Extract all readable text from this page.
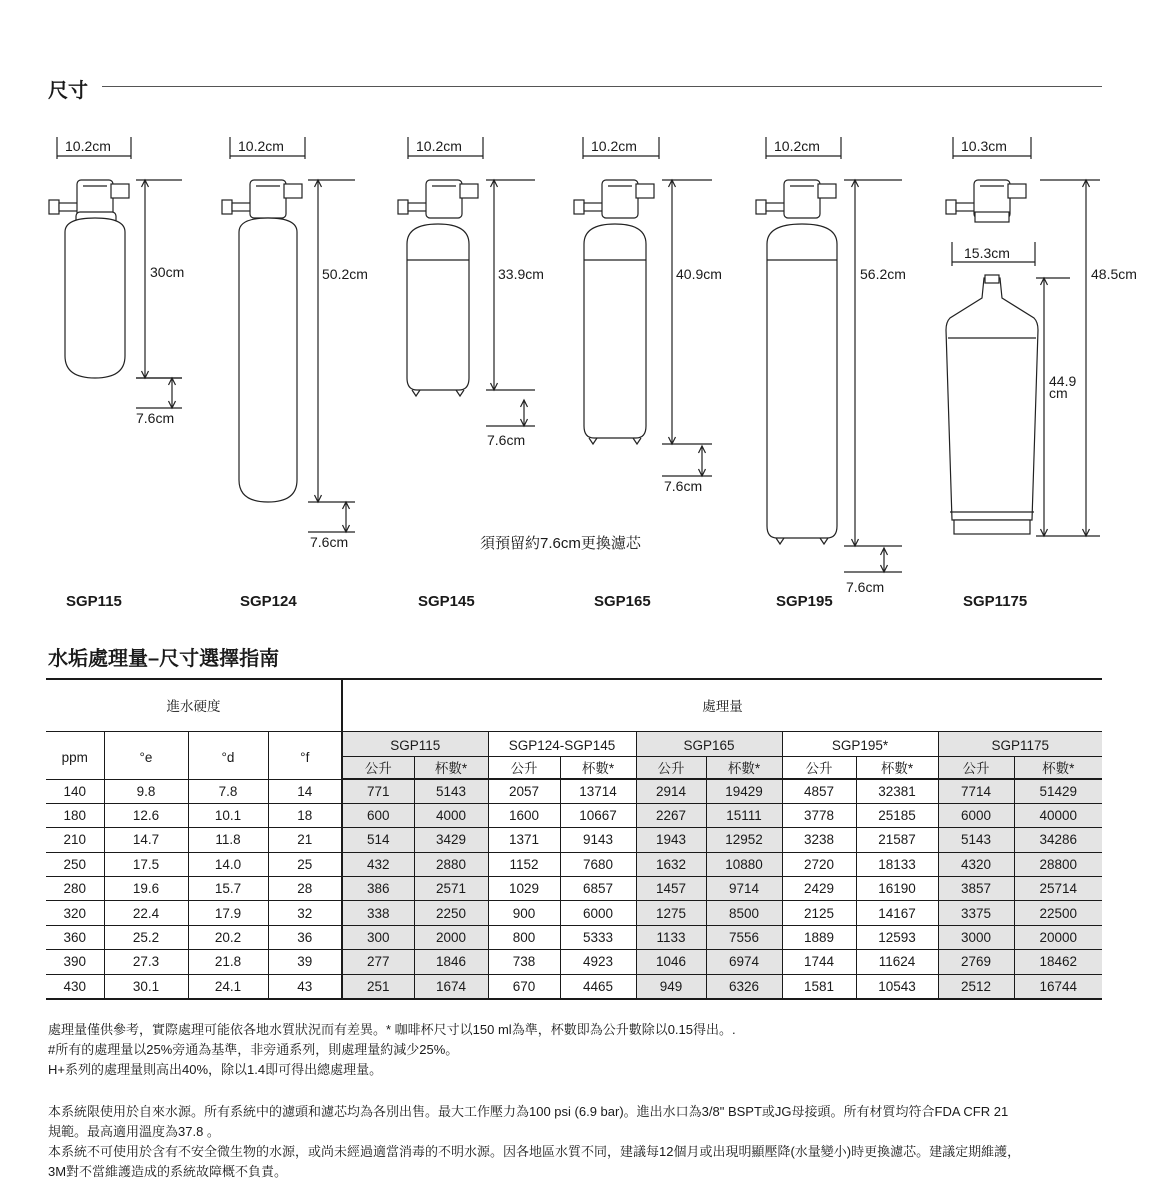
尺寸
10.2cm
30cm
7.6cm
SGP115
10.2cm
50.2cm
7.6cm
SGP124
10.2cm
33.9cm
7.6cm
SGP145
10.2cm
40.9cm
7.6cm
SGP165
須預留約7.6cm更換濾芯
10.2cm
56.2cm
7.6cm
SGP195
10.3cm
15.3cm
44.9
cm
48.5cm
SGP1175
水垢處理量–尺寸選擇指南
進水硬度				處理量									
ppm	°e	°d	°f	SGP115		SGP124-SGP145		SGP165		SGP195*		SGP1175	
				公升	杯數*	公升	杯數*	公升	杯數*	公升	杯數*	公升	杯數*
140	9.8	7.8	14	771	5143	2057	13714	2914	19429	4857	32381	7714	51429
180	12.6	10.1	18	600	4000	1600	10667	2267	15111	3778	25185	6000	40000
210	14.7	11.8	21	514	3429	1371	9143	1943	12952	3238	21587	5143	34286
250	17.5	14.0	25	432	2880	1152	7680	1632	10880	2720	18133	4320	28800
280	19.6	15.7	28	386	2571	1029	6857	1457	9714	2429	16190	3857	25714
320	22.4	17.9	32	338	2250	900	6000	1275	8500	2125	14167	3375	22500
360	25.2	20.2	36	300	2000	800	5333	1133	7556	1889	12593	3000	20000
390	27.3	21.8	39	277	1846	738	4923	1046	6974	1744	11624	2769	18462
430	30.1	24.1	43	251	1674	670	4465	949	6326	1581	10543	2512	16744

處理量僅供參考，實際處理可能依各地水質狀況而有差異。* 咖啡杯尺寸以150 ml為準，杯數即為公升數除以0.15得出。.

#所有的處理量以25%旁通為基準，非旁通系列，則處理量約減少25%。

H+系列的處理量則高出40%，除以1.4即可得出總處理量。

本系統限使用於自來水源。所有系統中的濾頭和濾芯均為各別出售。最大工作壓力為100 psi (6.9 bar)。進出水口為3/8" BSPT或JG母接頭。所有材質均符合FDA CFR 21

規範。最高適用溫度為37.8 。

本系統不可使用於含有不安全微生物的水源，或尚未經過適當消毒的不明水源。因各地區水質不同，建議每12個月或出現明顯壓降(水量變小)時更換濾芯。建議定期維護，

3M對不當維護造成的系統故障概不負責。
